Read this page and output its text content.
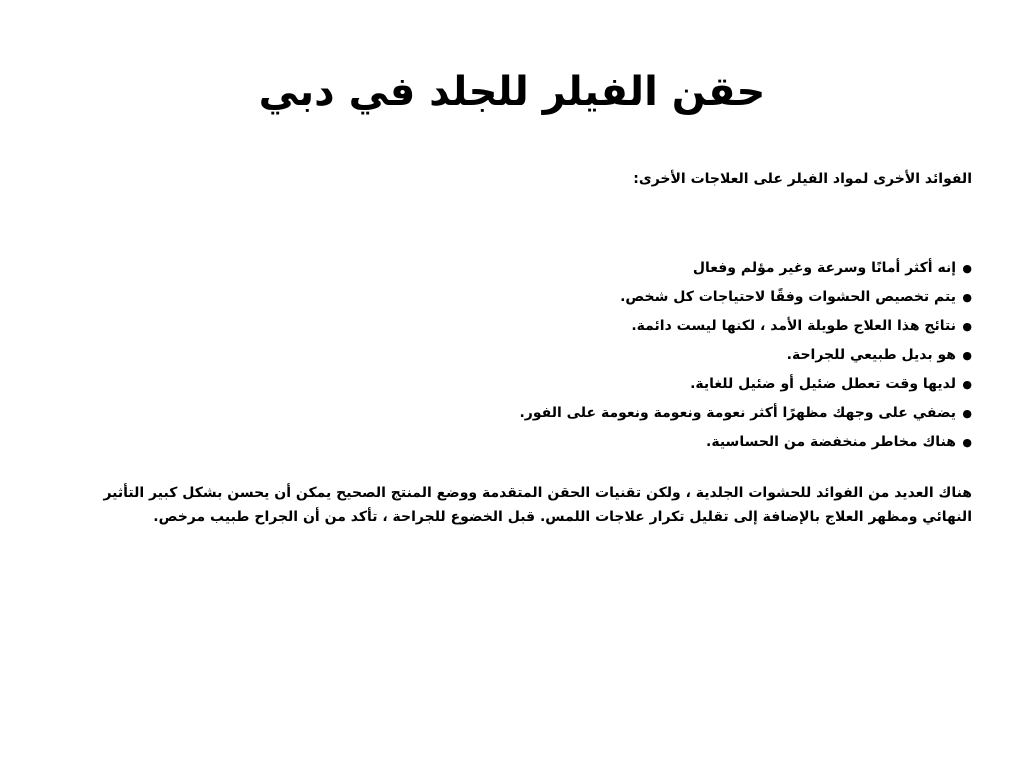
حقن الفيلر للجلد في دبي

الفوائد الأخرى لمواد الفيلر على العلاجات الأخرى:

●إنه أكثر أمانًا وسرعة وغير مؤلم وفعال
●يتم تخصيص الحشوات وفقًا لاحتياجات كل شخص.
●نتائج هذا العلاج طويلة الأمد ، لكنها ليست دائمة.
●هو بديل طبيعي للجراحة.
●لديها وقت تعطل ضئيل أو ضئيل للغاية.
●يضفي على وجهك مظهرًا أكثر نعومة ونعومة ونعومة على الفور.
●هناك مخاطر منخفضة من الحساسية.

هناك العديد من الفوائد للحشوات الجلدية ، ولكن تقنيات الحقن المتقدمة ووضع المنتج الصحيح يمكن أن يحسن بشكل كبير التأثير النهائي ومظهر العلاج بالإضافة إلى تقليل تكرار علاجات اللمس. قبل الخضوع للجراحة ، تأكد من أن الجراح طبيب مرخص.
